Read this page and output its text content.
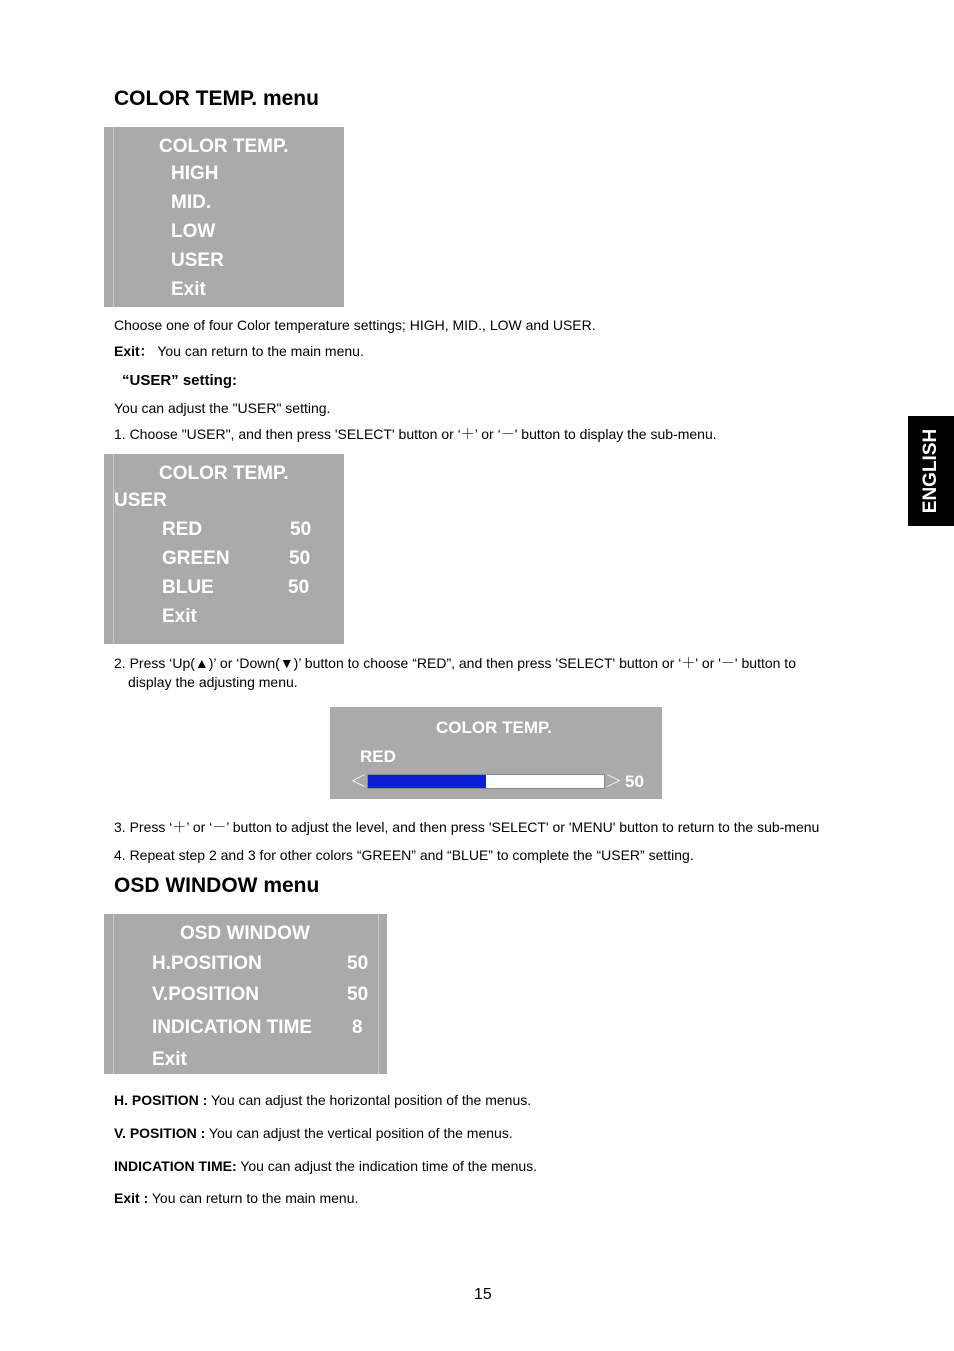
COLOR TEMP. menu
COLOR TEMP.
HIGH
MID.
LOW
USER
Exit
Choose one of four Color temperature settings; HIGH, MID., LOW and USER.
Exit： You can return to the main menu.
“USER” setting:
You can adjust the "USER" setting.
1. Choose "USER", and then press 'SELECT' button or ‘＋’ or ‘－' button to display the sub-menu.
COLOR TEMP.
USER
RED	50
GREEN	50
BLUE	50
Exit
2. Press ‘Up(▲)’ or ‘Down(▼)’ button to choose “RED”, and then press 'SELECT' button or ‘＋' or '－' button to
display the adjusting menu.
COLOR TEMP.
RED
＜	＞ 50
3. Press ‘＋’ or ‘－’ button to adjust the level, and then press 'SELECT' or 'MENU' button to return to the sub-menu
4. Repeat step 2 and 3 for other colors “GREEN” and “BLUE” to complete the “USER” setting.
OSD WINDOW menu
OSD WINDOW
H.POSITION	50
V.POSITION	50
INDICATION TIME 8
Exit
H. POSITION : You can adjust the horizontal position of the menus.
V. POSITION : You can adjust the vertical position of the menus.
INDICATION TIME: You can adjust the indication time of the menus.
Exit : You can return to the main menu.
ENGLISH
15
